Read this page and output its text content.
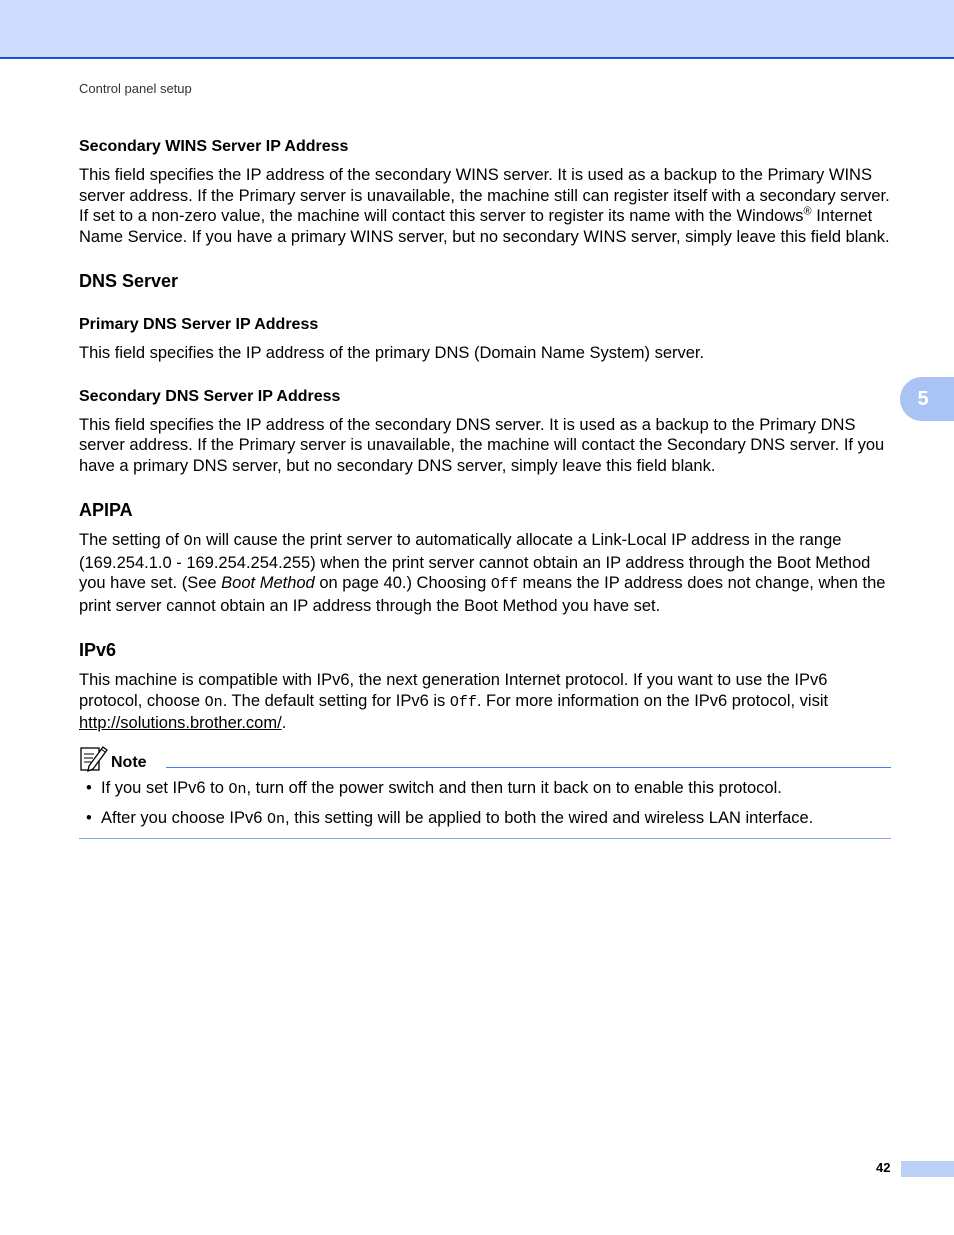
Control panel setup
5
Secondary WINS Server IP Address

This field specifies the IP address of the secondary WINS server. It is used as a backup to the Primary WINS server address. If the Primary server is unavailable, the machine still can register itself with a secondary server. If set to a non-zero value, the machine will contact this server to register its name with the Windows® Internet Name Service. If you have a primary WINS server, but no secondary WINS server, simply leave this field blank.

DNS Server
Primary DNS Server IP Address

This field specifies the IP address of the primary DNS (Domain Name System) server.

Secondary DNS Server IP Address

This field specifies the IP address of the secondary DNS server. It is used as a backup to the Primary DNS server address. If the Primary server is unavailable, the machine will contact the Secondary DNS server. If you have a primary DNS server, but no secondary DNS server, simply leave this field blank.

APIPA

The setting of On will cause the print server to automatically allocate a Link-Local IP address in the range (169.254.1.0 - 169.254.254.255) when the print server cannot obtain an IP address through the Boot Method you have set. (See Boot Method on page 40.) Choosing Off means the IP address does not change, when the print server cannot obtain an IP address through the Boot Method you have set.

IPv6

This machine is compatible with IPv6, the next generation Internet protocol. If you want to use the IPv6 protocol, choose On. The default setting for IPv6 is Off. For more information on the IPv6 protocol, visit http://solutions.brother.com/.

Note
• If you set IPv6 to On, turn off the power switch and then turn it back on to enable this protocol.
• After you choose IPv6 On, this setting will be applied to both the wired and wireless LAN interface.
42
